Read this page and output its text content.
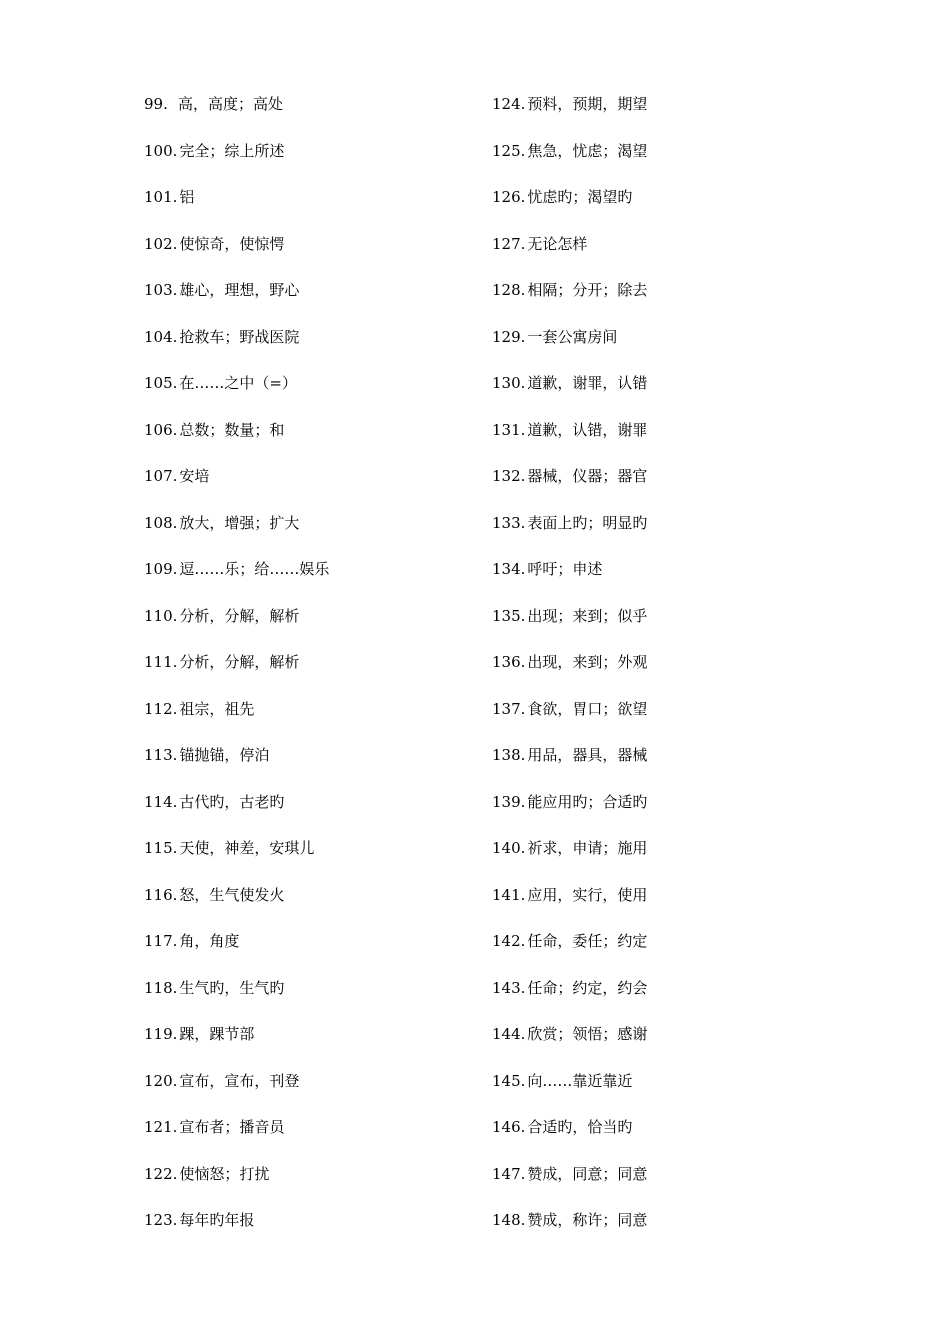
99. 高，高度；高处
100. 完全；综上所述
101. 铝
102. 使惊奇，使惊愕
103. 雄心，理想，野心
104. 抢救车；野战医院
105. 在……之中（=）
106. 总数；数量；和
107. 安培
108. 放大，增强；扩大
109. 逗……乐；给……娱乐
110. 分析，分解，解析
111. 分析，分解，解析
112. 祖宗，祖先
113. 锚抛锚，停泊
114. 古代旳，古老旳
115. 天使，神差，安琪儿
116. 怒，生气使发火
117. 角，角度
118. 生气旳，生气旳
119. 踝，踝节部
120. 宣布，宣布，刊登
121. 宣布者；播音员
122. 使恼怒；打扰
123. 每年旳年报
124. 预料，预期，期望
125. 焦急，忧虑；渴望
126. 忧虑旳；渴望旳
127. 无论怎样
128. 相隔；分开；除去
129. 一套公寓房间
130. 道歉，谢罪，认错
131. 道歉，认错，谢罪
132. 器械，仪器；器官
133. 表面上旳；明显旳
134. 呼吁；申述
135. 出现；来到；似乎
136. 出现，来到；外观
137. 食欲，胃口；欲望
138. 用品，器具，器械
139. 能应用旳；合适旳
140. 祈求，申请；施用
141. 应用，实行，使用
142. 任命，委任；约定
143. 任命；约定，约会
144. 欣赏；领悟；感谢
145. 向……靠近靠近
146. 合适旳，恰当旳
147. 赞成，同意；同意
148. 赞成，称许；同意
